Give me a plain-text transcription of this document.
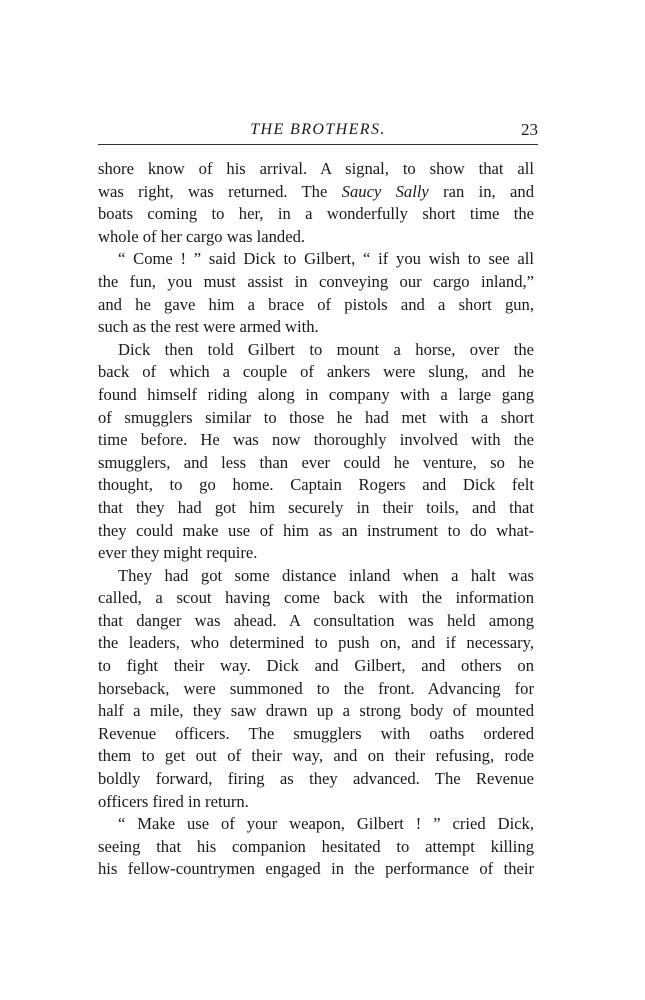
THE BROTHERS.	23
shore know of his arrival. A signal, to show that all
was right, was returned. The Saucy Sally ran in, and
boats coming to her, in a wonderfully short time the
whole of her cargo was landed.
“ Come ! ” said Dick to Gilbert, “ if you wish to see all
the fun, you must assist in conveying our cargo inland,”
and he gave him a brace of pistols and a short gun,
such as the rest were armed with.
Dick then told Gilbert to mount a horse, over the
back of which a couple of ankers were slung, and he
found himself riding along in company with a large gang
of smugglers similar to those he had met with a short
time before. He was now thoroughly involved with the
smugglers, and less than ever could he venture, so he
thought, to go home. Captain Rogers and Dick felt
that they had got him securely in their toils, and that
they could make use of him as an instrument to do what-
ever they might require.
They had got some distance inland when a halt was
called, a scout having come back with the information
that danger was ahead. A consultation was held among
the leaders, who determined to push on, and if necessary,
to fight their way. Dick and Gilbert, and others on
horseback, were summoned to the front. Advancing for
half a mile, they saw drawn up a strong body of mounted
Revenue officers. The smugglers with oaths ordered
them to get out of their way, and on their refusing, rode
boldly forward, firing as they advanced. The Revenue
officers fired in return.
“ Make use of your weapon, Gilbert ! ” cried Dick,
seeing that his companion hesitated to attempt killing
his fellow-countrymen engaged in the performance of their
